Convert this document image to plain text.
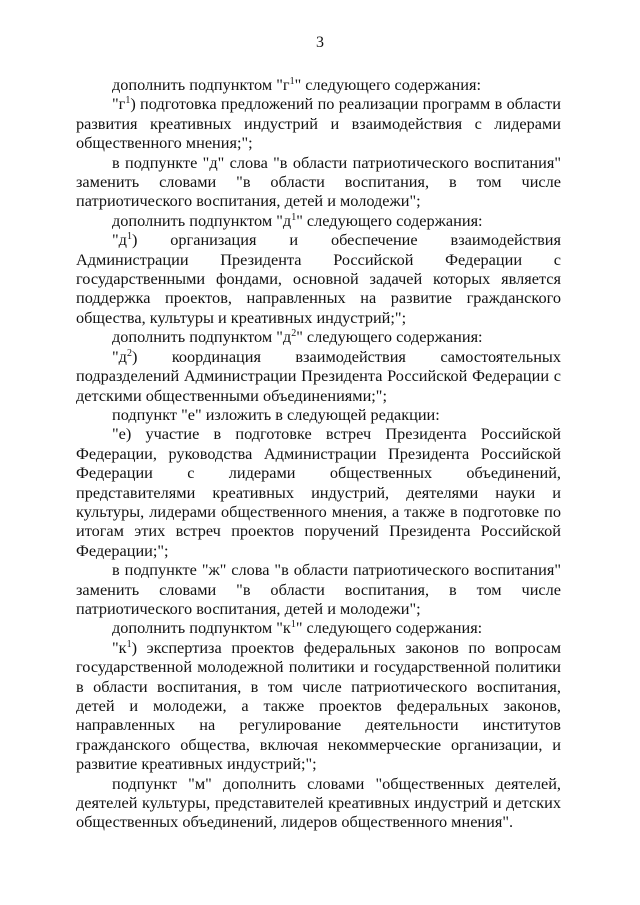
3

дополнить подпунктом "$г^1$" следующего содержания:

"$г^1$) подготовка предложений по реализации программ в области развития креативных индустрий и взаимодействия с лидерами общественного мнения;";

в подпункте "д" слова "в области патриотического воспитания" заменить словами "в области воспитания, в том числе патриотического воспитания, детей и молодежи";

дополнить подпунктом "$д^1$" следующего содержания:

"$д^1$) организация и обеспечение взаимодействия Администрации Президента Российской Федерации с государственными фондами, основной задачей которых является поддержка проектов, направленных на развитие гражданского общества, культуры и креативных индустрий;";

дополнить подпунктом "$д^2$" следующего содержания:

"$д^2$) координация взаимодействия самостоятельных подразделений Администрации Президента Российской Федерации с детскими общественными объединениями;";

подпункт "е" изложить в следующей редакции:

"е) участие в подготовке встреч Президента Российской Федерации, руководства Администрации Президента Российской Федерации с лидерами общественных объединений, представителями креативных индустрий, деятелями науки и культуры, лидерами общественного мнения, а также в подготовке по итогам этих встреч проектов поручений Президента Российской Федерации;";

в подпункте "ж" слова "в области патриотического воспитания" заменить словами "в области воспитания, в том числе патриотического воспитания, детей и молодежи";

дополнить подпунктом "$к^1$" следующего содержания:

"$к^1$) экспертиза проектов федеральных законов по вопросам государственной молодежной политики и государственной политики в области воспитания, в том числе патриотического воспитания, детей и молодежи, а также проектов федеральных законов, направленных на регулирование деятельности институтов гражданского общества, включая некоммерческие организации, и развитие креативных индустрий;";

подпункт "м" дополнить словами "общественных деятелей, деятелей культуры, представителей креативных индустрий и детских общественных объединений, лидеров общественного мнения".
